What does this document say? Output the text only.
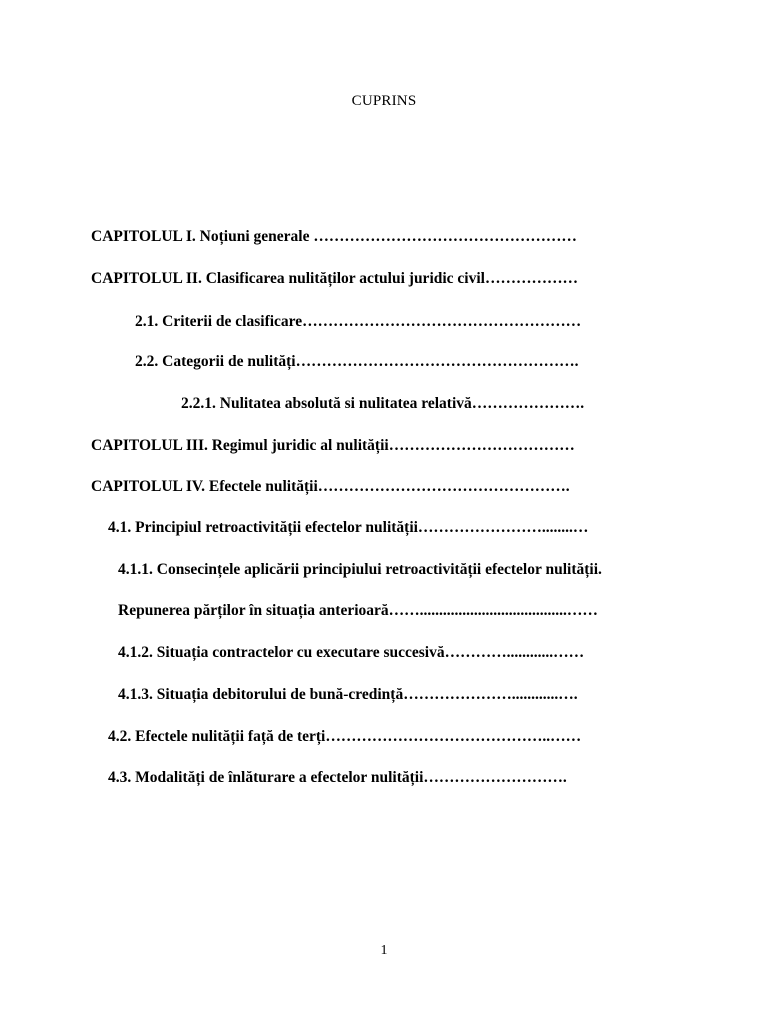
CUPRINS
CAPITOLUL I. Noțiuni generale ……………………………………………
CAPITOLUL II. Clasificarea nulităților actului juridic civil………………
2.1. Criterii de clasificare………………………………………………
2.2. Categorii de nulități……………………………………………….
2.2.1. Nulitatea absolută si nulitatea relativă………………….
CAPITOLUL III. Regimul juridic al nulității………………………………
CAPITOLUL IV. Efectele nulității………………………………………….
4.1. Principiul retroactivității efectelor nulității……………………........…
4.1.1. Consecințele aplicării principiului retroactivității efectelor nulității.
Repunerea părților în situația anterioară……......................................……
4.1.2. Situația contractelor cu executare succesivă…………............……
4.1.3. Situația debitorului de bună-credință…………………............….
4.2. Efectele nulității față de terți……………………………………..……
4.3. Modalități de înlăturare a efectelor nulității……………………….
1
